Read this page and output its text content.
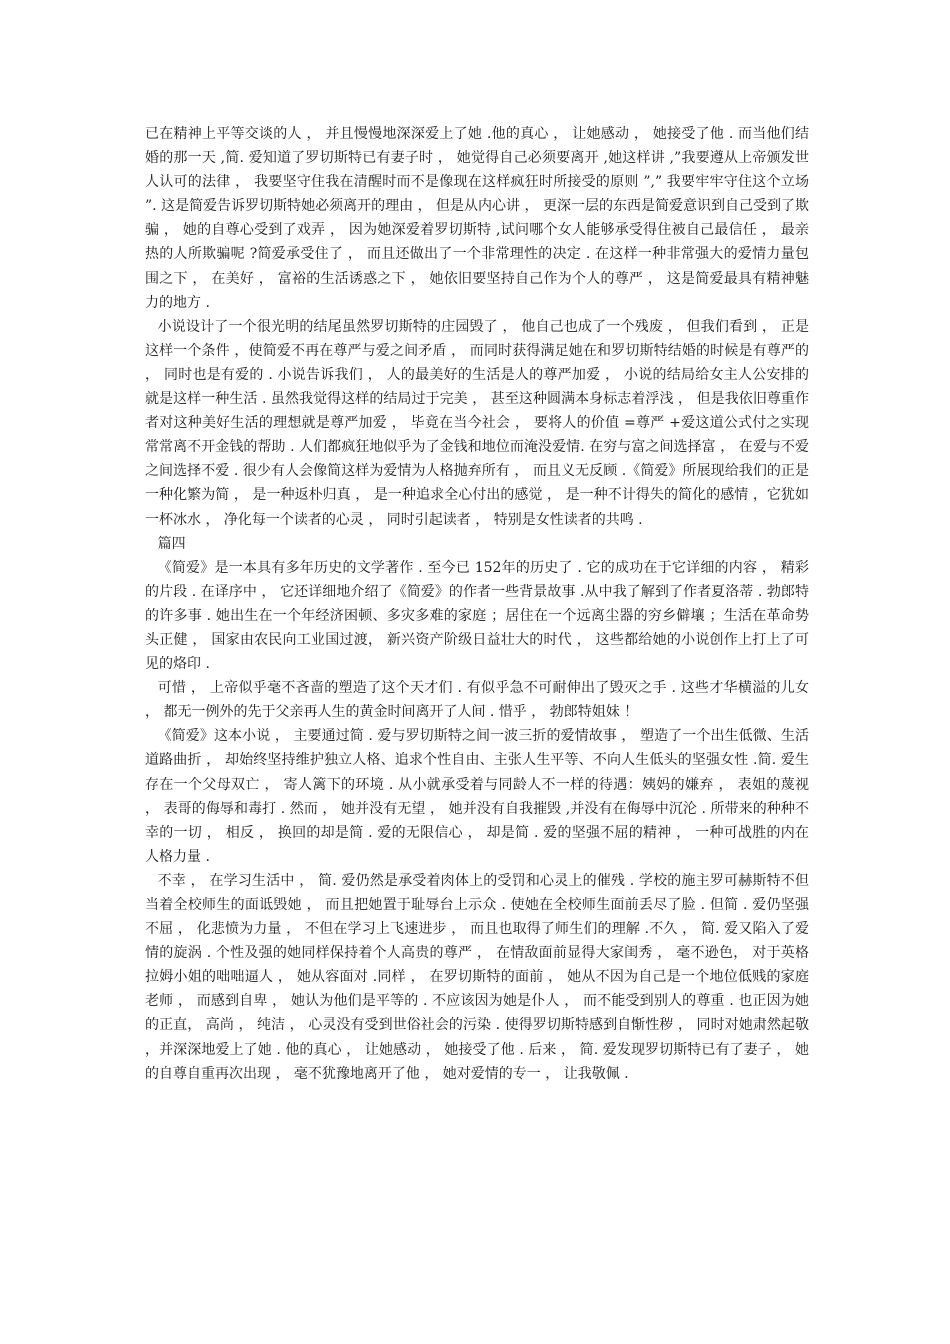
已在精神上平等交谈的人 ， 并且慢慢地深深爱上了她 .他的真心 ， 让她感动 ， 她接受了他 . 而当他们结婚的那一天 ,简. 爱知道了罗切斯特已有妻子时 ， 她觉得自己必须要离开 ,她这样讲 ,”我要遵从上帝颁发世人认可的法律 ， 我要坚守住我在清醒时而不是像现在这样疯狂时所接受的原则 ”,” 我要牢牢守住这个立场 ”. 这是简爱告诉罗切斯特她必须离开的理由 ， 但是从内心讲 ， 更深一层的东西是简爱意识到自己受到了欺骗 ， 她的自尊心受到了戏弄 ， 因为她深爱着罗切斯特 ,试问哪个女人能够承受得住被自己最信任 ， 最亲热的人所欺骗呢 ?简爱承受住了 ， 而且还做出了一个非常理性的决定 . 在这样一种非常强大的爱情力量包围之下 ， 在美好 ， 富裕的生活诱惑之下 ， 她依旧要坚持自己作为个人的尊严 ， 这是简爱最具有精神魅力的地方 .

小说设计了一个很光明的结尾虽然罗切斯特的庄园毁了 ， 他自己也成了一个残废 ， 但我们看到 ， 正是这样一个条件 ，使简爱不再在尊严与爱之间矛盾 ， 而同时获得满足她在和罗切斯特结婚的时候是有尊严的 ， 同时也是有爱的 . 小说告诉我们 ， 人的最美好的生活是人的尊严加爱 ， 小说的结局给女主人公安排的就是这样一种生活 . 虽然我觉得这样的结局过于完美 ， 甚至这种圆满本身标志着浮浅 ， 但是我依旧尊重作者对这种美好生活的理想就是尊严加爱 ， 毕竟在当今社会 ， 要将人的价值 =尊严 +爱这道公式付之实现常常离不开金钱的帮助 . 人们都疯狂地似乎为了金钱和地位而淹没爱情. 在穷与富之间选择富 ， 在爱与不爱之间选择不爱 . 很少有人会像简这样为爱情为人格抛弃所有 ， 而且义无反顾 .《简爱》所展现给我们的正是一种化繁为简 ， 是一种返朴归真 ， 是一种追求全心付出的感觉 ， 是一种不计得失的简化的感情 ，它犹如一杯冰水 ， 净化每一个读者的心灵 ， 同时引起读者 ， 特别是女性读者的共鸣 .

篇四

《简爱》是一本具有多年历史的文学著作 . 至今已 152年的历史了 . 它的成功在于它详细的内容 ， 精彩的片段 . 在译序中 ， 它还详细地介绍了《简爱》的作者一些背景故事 .从中我了解到了作者夏洛蒂 . 勃郎特的许多事 . 她出生在一个年经济困顿、多灾多难的家庭 ；居住在一个远离尘器的穷乡僻壤 ；生活在革命势头正健 ， 国家由农民向工业国过渡， 新兴资产阶级日益壮大的时代 ， 这些都给她的小说创作上打上了可见的烙印 .

可惜 ， 上帝似乎毫不吝啬的塑造了这个天才们 . 有似乎急不可耐伸出了毁灭之手 . 这些才华横溢的儿女 ， 都无一例外的先于父亲再人生的黄金时间离开了人间 . 惜乎 ， 勃郎特姐妹 ！

《简爱》这本小说 ， 主要通过简 . 爱与罗切斯特之间一波三折的爱情故事 ， 塑造了一个出生低微、生活道路曲折 ， 却始终坚持维护独立人格、追求个性自由、主张人生平等、不向人生低头的坚强女性 .简. 爱生存在一个父母双亡 ， 寄人篱下的环境 . 从小就承受着与同龄人不一样的待遇：姨妈的嫌弃 ， 表姐的蔑视 ， 表哥的侮辱和毒打 . 然而 ， 她并没有无望 ， 她并没有自我摧毁 ,并没有在侮辱中沉沦 . 所带来的种种不幸的一切 ， 相反 ， 换回的却是简 . 爱的无限信心 ， 却是简 . 爱的坚强不屈的精神 ， 一种可战胜的内在人格力量 .

不幸 ， 在学习生活中 ， 简. 爱仍然是承受着肉体上的受罚和心灵上的催残 . 学校的施主罗可赫斯特不但当着全校师生的面诋毁她 ， 而且把她置于耻辱台上示众 . 使她在全校师生面前丢尽了脸 . 但简 . 爱仍坚强不屈 ， 化悲愤为力量 ， 不但在学习上飞速进步 ， 而且也取得了师生们的理解 .不久 ， 简. 爱又陷入了爱情的旋涡 . 个性及强的她同样保持着个人高贵的尊严 ， 在情敌面前显得大家闺秀 ， 毫不逊色， 对于英格拉姆小姐的咄咄逼人 ， 她从容面对 .同样 ， 在罗切斯特的面前 ， 她从不因为自己是一个地位低贱的家庭老师 ， 而感到自卑 ， 她认为他们是平等的 . 不应该因为她是仆人 ， 而不能受到别人的尊重 . 也正因为她的正直， 高尚 ， 纯洁 ， 心灵没有受到世俗社会的污染 . 使得罗切斯特感到自惭性秽 ， 同时对她肃然起敬 ，并深深地爱上了她 . 他的真心 ， 让她感动 ， 她接受了他 . 后来 ， 简. 爱发现罗切斯特已有了妻子 ， 她的自尊自重再次出现 ， 毫不犹豫地离开了他 ， 她对爱情的专一 ， 让我敬佩 .
